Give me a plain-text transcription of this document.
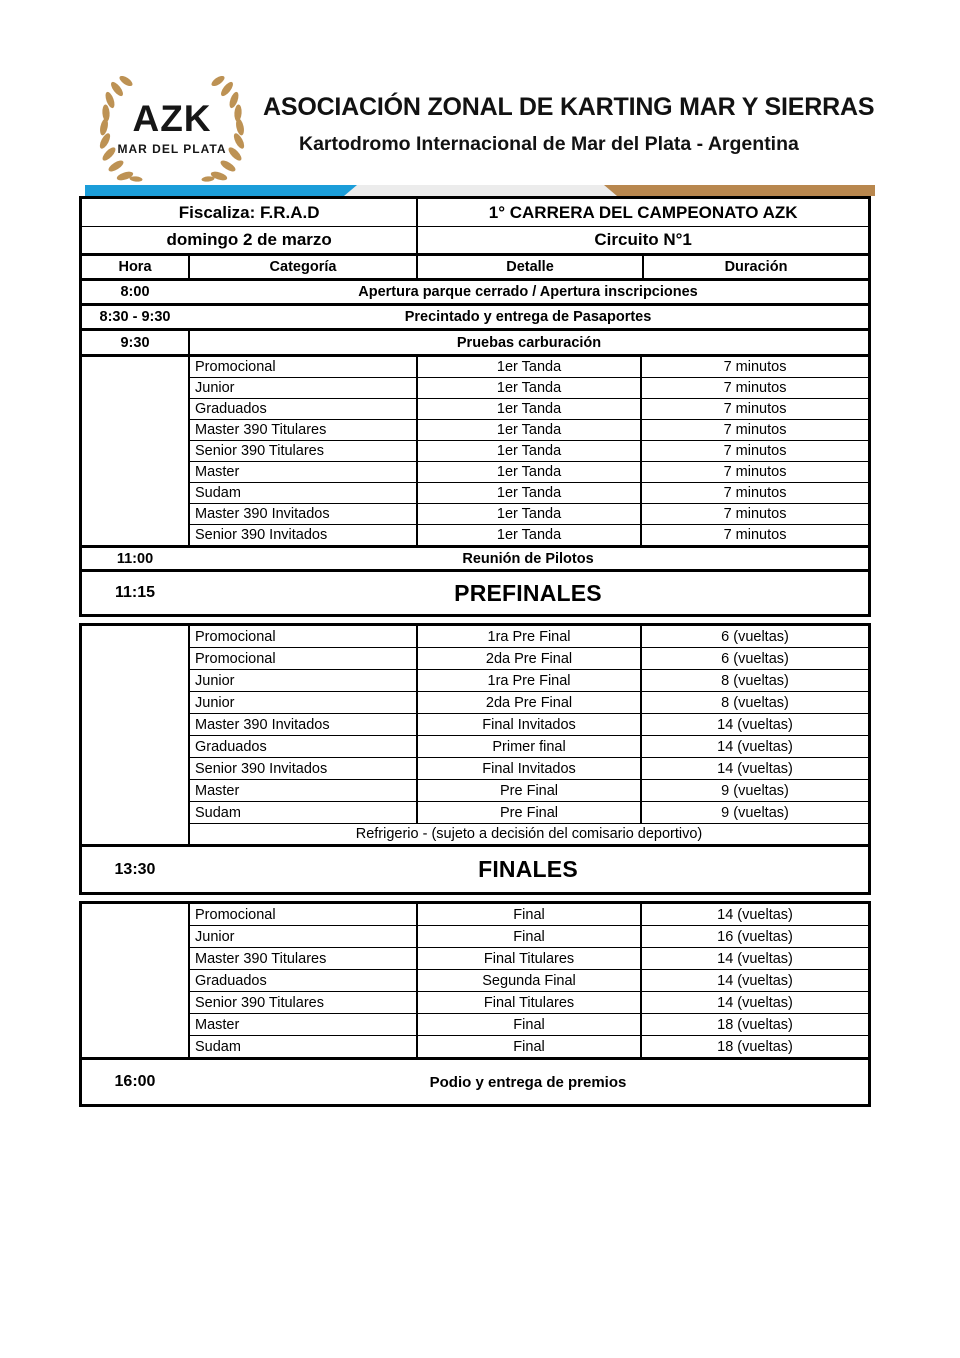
AZK
MAR DEL PLATA
ASOCIACIÓN ZONAL DE KARTING MAR Y SIERRAS
Kartodromo Internacional de Mar del Plata - Argentina
Fiscaliza: F.R.A.D	1° CARRERA DEL CAMPEONATO AZK
domingo 2 de marzo	Circuito N°1
Hora	Categoría	Detalle	Duración
8:00	Apertura parque cerrado / Apertura inscripciones
8:30 - 9:30	Precintado y entrega de Pasaportes
9:30	Pruebas carburación
Promocional	1er Tanda	7 minutos
Junior	1er Tanda	7 minutos
Graduados	1er Tanda	7 minutos
Master 390 Titulares	1er Tanda	7 minutos
Senior 390 Titulares	1er Tanda	7 minutos
Master	1er Tanda	7 minutos
Sudam	1er Tanda	7 minutos
Master 390 Invitados	1er Tanda	7 minutos
Senior 390 Invitados	1er Tanda	7 minutos
11:00	Reunión de Pilotos
11:15	PREFINALES
Promocional	1ra Pre Final	6 (vueltas)
Promocional	2da Pre Final	6 (vueltas)
Junior	1ra Pre Final	8 (vueltas)
Junior	2da Pre Final	8 (vueltas)
Master 390 Invitados	Final Invitados	14 (vueltas)
Graduados	Primer final	14 (vueltas)
Senior 390 Invitados	Final Invitados	14 (vueltas)
Master	Pre Final	9 (vueltas)
Sudam	Pre Final	9 (vueltas)
Refrigerio - (sujeto a decisión del comisario deportivo)
13:30	FINALES
Promocional	Final	14 (vueltas)
Junior	Final	16 (vueltas)
Master 390 Titulares	Final Titulares	14 (vueltas)
Graduados	Segunda Final	14 (vueltas)
Senior 390 Titulares	Final Titulares	14 (vueltas)
Master	Final	18 (vueltas)
Sudam	Final	18 (vueltas)
16:00	Podio y entrega de premios
